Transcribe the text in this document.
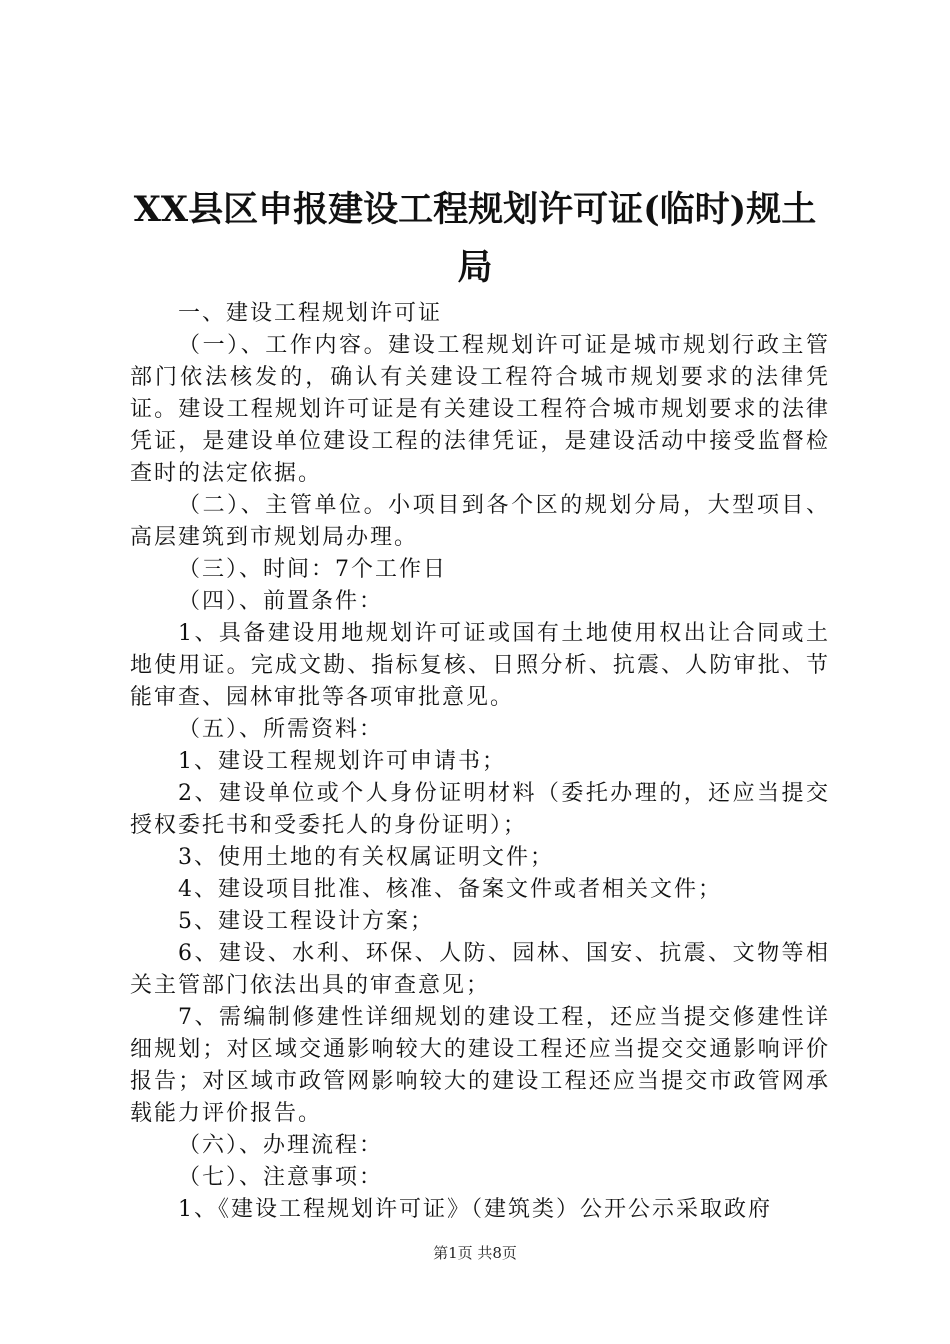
XX县区申报建设工程规划许可证(临时)规土
局

一、建设工程规划许可证

（一）、工作内容。建设工程规划许可证是城市规划行政主管部门依法核发的，确认有关建设工程符合城市规划要求的法律凭证。建设工程规划许可证是有关建设工程符合城市规划要求的法律凭证，是建设单位建设工程的法律凭证，是建设活动中接受监督检查时的法定依据。

（二）、主管单位。小项目到各个区的规划分局，大型项目、高层建筑到市规划局办理。

（三）、时间：7个工作日

（四）、前置条件：

1、具备建设用地规划许可证或国有土地使用权出让合同或土地使用证。完成文勘、指标复核、日照分析、抗震、人防审批、节能审查、园林审批等各项审批意见。

（五）、所需资料：

1、建设工程规划许可申请书；

2、建设单位或个人身份证明材料（委托办理的，还应当提交授权委托书和受委托人的身份证明）；

3、使用土地的有关权属证明文件；

4、建设项目批准、核准、备案文件或者相关文件；

5、建设工程设计方案；

6、建设、水利、环保、人防、园林、国安、抗震、文物等相关主管部门依法出具的审查意见；

7、需编制修建性详细规划的建设工程，还应当提交修建性详细规划；对区域交通影响较大的建设工程还应当提交交通影响评价报告；对区域市政管网影响较大的建设工程还应当提交市政管网承载能力评价报告。

（六）、办理流程：

（七）、注意事项：

1、《建设工程规划许可证》（建筑类）公开公示采取政府

第1页 共8页
